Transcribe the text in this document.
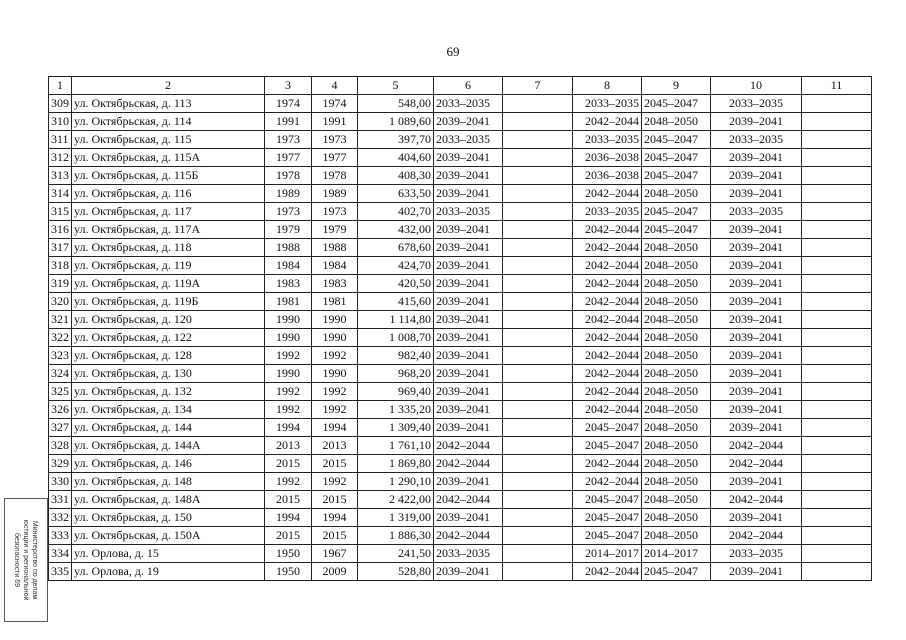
69
1	2	3	4	5	6	7	8	9	10	11
309	ул. Октябрьская, д. 113	1974	1974	548,00	2033–2035		2033–2035	2045–2047	2033–2035	
310	ул. Октябрьская, д. 114	1991	1991	1 089,60	2039–2041		2042–2044	2048–2050	2039–2041	
311	ул. Октябрьская, д. 115	1973	1973	397,70	2033–2035		2033–2035	2045–2047	2033–2035	
312	ул. Октябрьская, д. 115А	1977	1977	404,60	2039–2041		2036–2038	2045–2047	2039–2041	
313	ул. Октябрьская, д. 115Б	1978	1978	408,30	2039–2041		2036–2038	2045–2047	2039–2041	
314	ул. Октябрьская, д. 116	1989	1989	633,50	2039–2041		2042–2044	2048–2050	2039–2041	
315	ул. Октябрьская, д. 117	1973	1973	402,70	2033–2035		2033–2035	2045–2047	2033–2035	
316	ул. Октябрьская, д. 117А	1979	1979	432,00	2039–2041		2042–2044	2045–2047	2039–2041	
317	ул. Октябрьская, д. 118	1988	1988	678,60	2039–2041		2042–2044	2048–2050	2039–2041	
318	ул. Октябрьская, д. 119	1984	1984	424,70	2039–2041		2042–2044	2048–2050	2039–2041	
319	ул. Октябрьская, д. 119А	1983	1983	420,50	2039–2041		2042–2044	2048–2050	2039–2041	
320	ул. Октябрьская, д. 119Б	1981	1981	415,60	2039–2041		2042–2044	2048–2050	2039–2041	
321	ул. Октябрьская, д. 120	1990	1990	1 114,80	2039–2041		2042–2044	2048–2050	2039–2041	
322	ул. Октябрьская, д. 122	1990	1990	1 008,70	2039–2041		2042–2044	2048–2050	2039–2041	
323	ул. Октябрьская, д. 128	1992	1992	982,40	2039–2041		2042–2044	2048–2050	2039–2041	
324	ул. Октябрьская, д. 130	1990	1990	968,20	2039–2041		2042–2044	2048–2050	2039–2041	
325	ул. Октябрьская, д. 132	1992	1992	969,40	2039–2041		2042–2044	2048–2050	2039–2041	
326	ул. Октябрьская, д. 134	1992	1992	1 335,20	2039–2041		2042–2044	2048–2050	2039–2041	
327	ул. Октябрьская, д. 144	1994	1994	1 309,40	2039–2041		2045–2047	2048–2050	2039–2041	
328	ул. Октябрьская, д. 144А	2013	2013	1 761,10	2042–2044		2045–2047	2048–2050	2042–2044	
329	ул. Октябрьская, д. 146	2015	2015	1 869,80	2042–2044		2042–2044	2048–2050	2042–2044	
330	ул. Октябрьская, д. 148	1992	1992	1 290,10	2039–2041		2042–2044	2048–2050	2039–2041	
331	ул. Октябрьская, д. 148А	2015	2015	2 422,00	2042–2044		2045–2047	2048–2050	2042–2044	
332	ул. Октябрьская, д. 150	1994	1994	1 319,00	2039–2041		2045–2047	2048–2050	2039–2041	
333	ул. Октябрьская, д. 150А	2015	2015	1 886,30	2042–2044		2045–2047	2048–2050	2042–2044	
334	ул. Орлова, д. 15	1950	1967	241,50	2033–2035		2014–2017	2014–2017	2033–2035	
335	ул. Орлова, д. 19	1950	2009	528,80	2039–2041		2042–2044	2045–2047	2039–2041	
Министерство по делам
юстиции и региональной
безопасности 69
